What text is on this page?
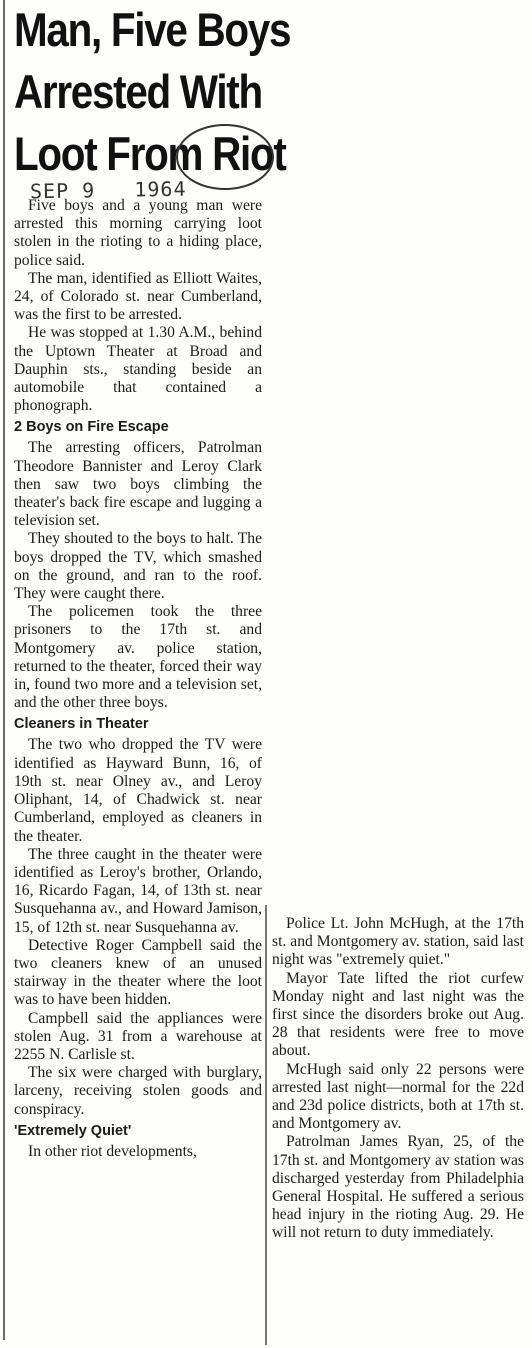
Man, Five Boys
Arrested With
Loot From Riot
SEP 9   1964

Five boys and a young man were arrested this morning carrying loot stolen in the rioting to a hiding place, police said.

The man, identified as Elliott Waites, 24, of Colorado st. near Cumberland, was the first to be arrested.

He was stopped at 1.30 A.M., behind the Uptown Theater at Broad and Dauphin sts., standing beside an automobile that contained a phonograph.

2 Boys on Fire Escape

The arresting officers, Patrolman Theodore Bannister and Leroy Clark then saw two boys climbing the theater's back fire escape and lugging a television set.

They shouted to the boys to halt. The boys dropped the TV, which smashed on the ground, and ran to the roof. They were caught there.

The policemen took the three prisoners to the 17th st. and Montgomery av. police station, returned to the theater, forced their way in, found two more and a television set, and the other three boys.

Cleaners in Theater

The two who dropped the TV were identified as Hayward Bunn, 16, of 19th st. near Olney av., and Leroy Oliphant, 14, of Chadwick st. near Cumberland, employed as cleaners in the theater.

The three caught in the theater were identified as Leroy's brother, Orlando, 16, Ricardo Fagan, 14, of 13th st. near Susquehanna av., and Howard Jamison, 15, of 12th st. near Susquehanna av.

Detective Roger Campbell said the two cleaners knew of an unused stairway in the theater where the loot was to have been hidden.

Campbell said the appliances were stolen Aug. 31 from a warehouse at 2255 N. Carlisle st.

The six were charged with burglary, larceny, receiving stolen goods and conspiracy.

'Extremely Quiet'

In other riot developments,

Police Lt. John McHugh, at the 17th st. and Montgomery av. station, said last night was "extremely quiet."

Mayor Tate lifted the riot curfew Monday night and last night was the first since the disorders broke out Aug. 28 that residents were free to move about.

McHugh said only 22 persons were arrested last night—normal for the 22d and 23d police districts, both at 17th st. and Montgomery av.

Patrolman James Ryan, 25, of the 17th st. and Montgomery av station was discharged yesterday from Philadelphia General Hospital. He suffered a serious head injury in the rioting Aug. 29. He will not return to duty immediately.
